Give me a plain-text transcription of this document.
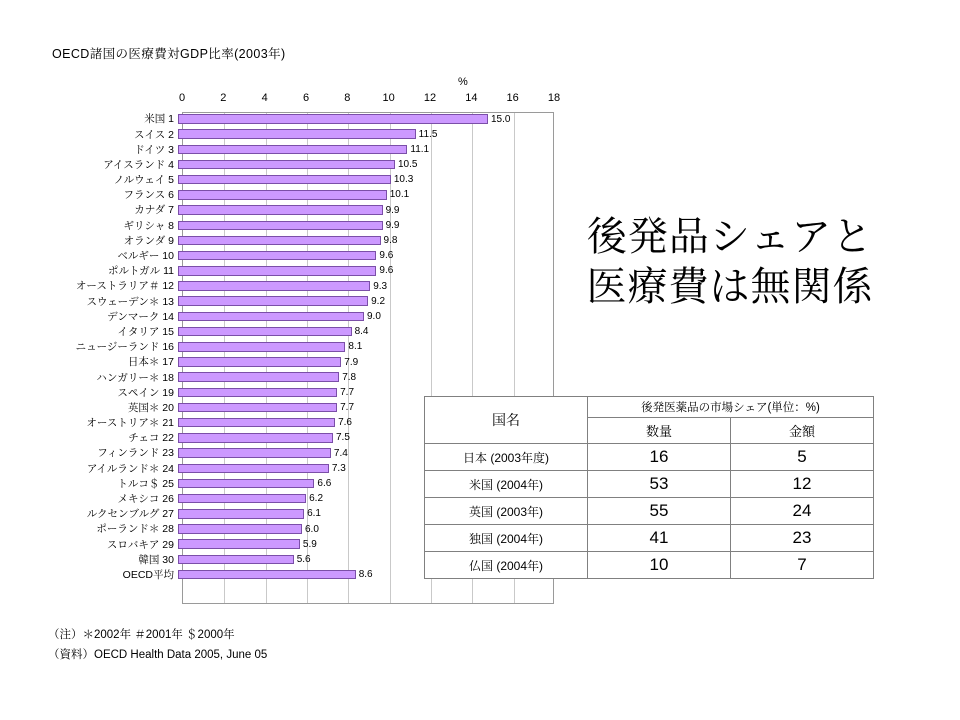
OECD諸国の医療費対GDP比率(2003年)
%
0	2	4	6	8	10	12	14	16	18
米国 1	15.0
スイス 2	11.5
ドイツ 3	11.1
アイスランド 4	10.5
ノルウェイ 5	10.3
フランス 6	10.1
カナダ 7	9.9
ギリシャ 8	9.9
オランダ 9	9.8
ベルギー 10	9.6
ポルトガル 11	9.6
オーストラリア＃ 12	9.3
スウェーデン＊ 13	9.2
デンマーク 14	9.0
イタリア 15	8.4
ニュージーランド 16	8.1
日本＊ 17	7.9
ハンガリー＊ 18	7.8
スペイン 19	7.7
英国＊ 20	7.7
オーストリア＊ 21	7.6
チェコ 22	7.5
フィンランド 23	7.4
アイルランド＊ 24	7.3
トルコ＄ 25	6.6
メキシコ 26	6.2
ルクセンブルグ 27	6.1
ポーランド＊ 28	6.0
スロバキア 29	5.9
韓国 30	5.6
OECD平均	8.6
後発品シェアと
医療費は無関係
国名	後発医薬品の市場シェア(単位：%)	
	数量	金額
日本 (2003年度)	16	5
米国 (2004年)	53	12
英国 (2003年)	55	24
独国 (2004年)	41	23
仏国 (2004年)	10	7
（注）＊2002年 ＃2001年 ＄2000年
（資料）OECD Health Data 2005, June 05
